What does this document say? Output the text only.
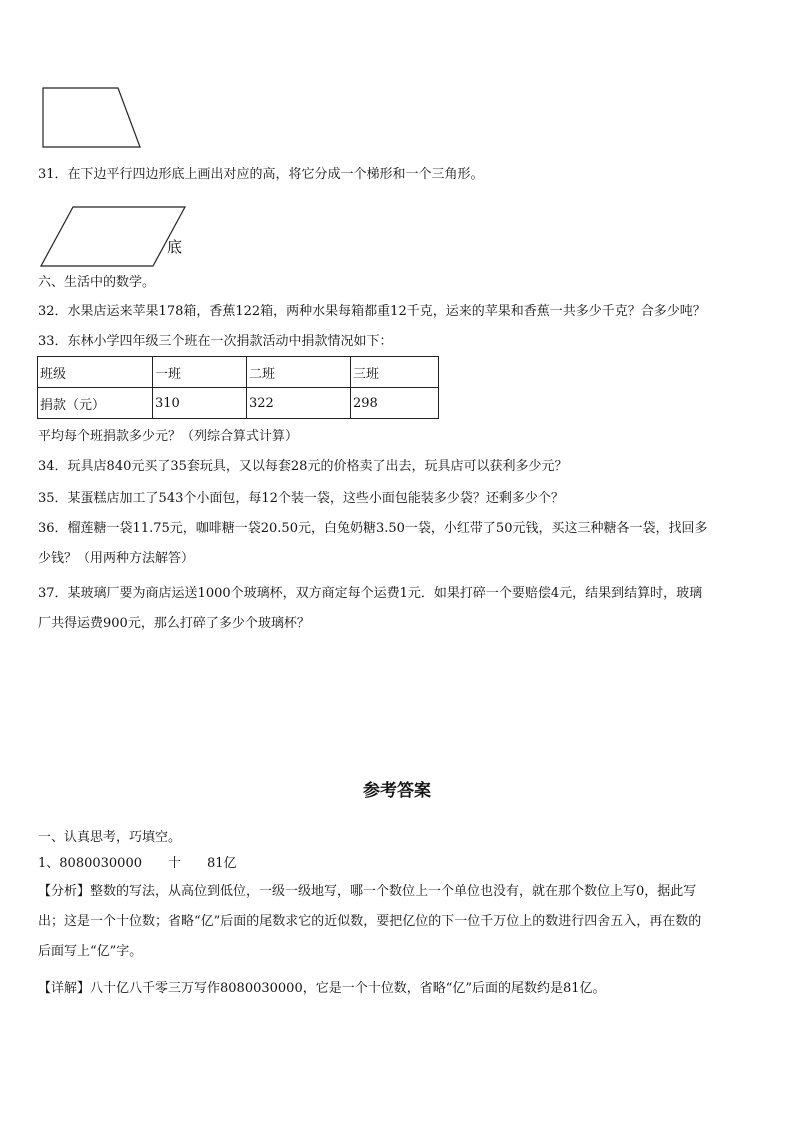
31．在下边平行四边形底上画出对应的高，将它分成一个梯形和一个三角形。
底
六、生活中的数学。
32．水果店运来苹果178箱，香蕉122箱，两种水果每箱都重12千克，运来的苹果和香蕉一共多少千克？合多少吨？
33．东林小学四年级三个班在一次捐款活动中捐款情况如下：
班级	一班	二班	三班
捐款（元）	310	322	298
平均每个班捐款多少元？（列综合算式计算）
34．玩具店840元买了35套玩具，又以每套28元的价格卖了出去，玩具店可以获利多少元？
35．某蛋糕店加工了543个小面包，每12个装一袋，这些小面包能装多少袋？还剩多少个？
36．榴莲糖一袋11.75元，咖啡糖一袋20.50元，白兔奶糖3.50一袋，小红带了50元钱，买这三种糖各一袋，找回多
少钱？（用两种方法解答）
37．某玻璃厂要为商店运送1000个玻璃杯，双方商定每个运费1元．如果打碎一个要赔偿4元，结果到结算时，玻璃
厂共得运费900元，那么打碎了多少个玻璃杯？
参考答案
一、认真思考，巧填空。
1、8080030000　　十　　81亿
【分析】整数的写法，从高位到低位，一级一级地写，哪一个数位上一个单位也没有，就在那个数位上写0，据此写
出；这是一个十位数；省略“亿”后面的尾数求它的近似数，要把亿位的下一位千万位上的数进行四舍五入，再在数的
后面写上“亿”字。
【详解】八十亿八千零三万写作8080030000，它是一个十位数，省略“亿”后面的尾数约是81亿。
